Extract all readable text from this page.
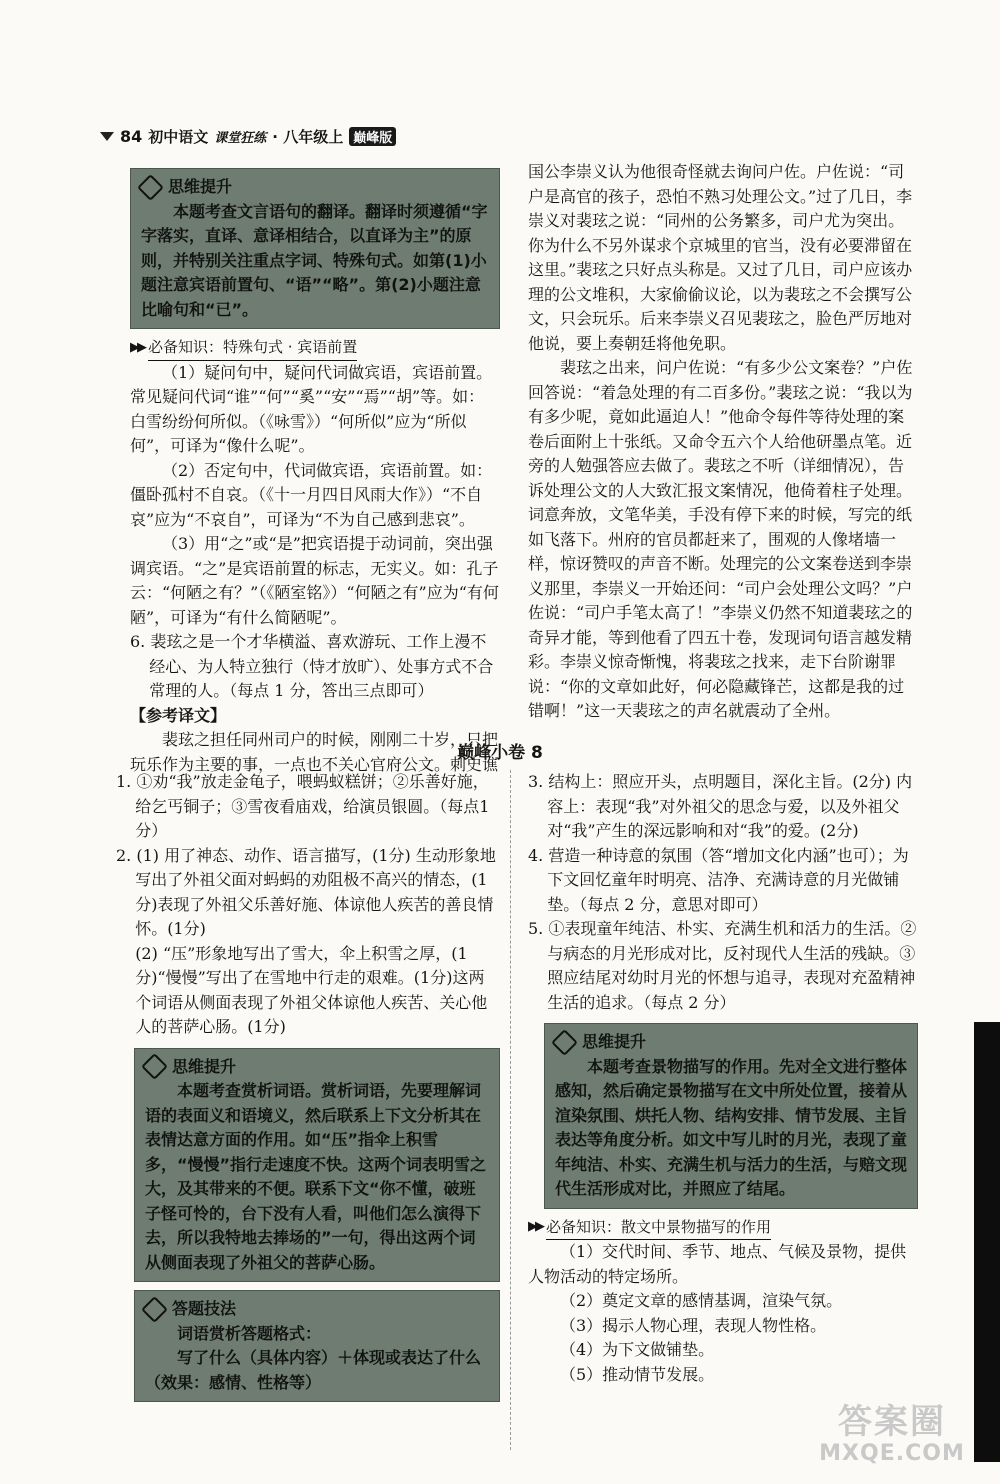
84 初中语文 课堂狂练 · 八年级上 巅峰版
思维提升

本题考查文言语句的翻译。翻译时须遵循“字字落实，直译、意译相结合，以直译为主”的原则，并特别关注重点字词、特殊句式。如第(1)小题注意宾语前置句、“语”“略”。第(2)小题注意比喻句和“已”。

▶▶ 必备知识：特殊句式 · 宾语前置

（1）疑问句中，疑问代词做宾语，宾语前置。常见疑问代词“谁”“何”“奚”“安”“焉”“胡”等。如：白雪纷纷何所似。（《咏雪》）“何所似”应为“所似何”，可译为“像什么呢”。

（2）否定句中，代词做宾语，宾语前置。如：僵卧孤村不自哀。（《十一月四日风雨大作》）“不自哀”应为“不哀自”，可译为“不为自己感到悲哀”。

（3）用“之”或“是”把宾语提于动词前，突出强调宾语。“之”是宾语前置的标志，无实义。如：孔子云：“何陋之有？”（《陋室铭》）“何陋之有”应为“有何陋”，可译为“有什么简陋呢”。

6. 裴玹之是一个才华横溢、喜欢游玩、工作上漫不经心、为人特立独行（恃才放旷）、处事方式不合常理的人。（每点 1 分，答出三点即可）

【参考译文】

裴玹之担任同州司户的时候，刚刚二十岁，只把玩乐作为主要的事，一点也不关心官府公文。刺史谯

国公李崇义认为他很奇怪就去询问户佐。户佐说：“司户是高官的孩子，恐怕不熟习处理公文。”过了几日，李崇义对裴玹之说：“同州的公务繁多，司户尤为突出。你为什么不另外谋求个京城里的官当，没有必要滞留在这里。”裴玹之只好点头称是。又过了几日，司户应该办理的公文堆积，大家偷偷议论，以为裴玹之不会撰写公文，只会玩乐。后来李崇义召见裴玹之，脸色严厉地对他说，要上奏朝廷将他免职。

裴玹之出来，问户佐说：“有多少公文案卷？”户佐回答说：“着急处理的有二百多份。”裴玹之说：“我以为有多少呢，竟如此逼迫人！”他命令每件等待处理的案卷后面附上十张纸。又命令五六个人给他研墨点笔。近旁的人勉强答应去做了。裴玹之不听（详细情况），告诉处理公文的人大致汇报文案情况，他倚着柱子处理。词意奔放，文笔华美，手没有停下来的时候，写完的纸如飞落下。州府的官员都赶来了，围观的人像堵墙一样，惊讶赞叹的声音不断。处理完的公文案卷送到李崇义那里，李崇义一开始还问：“司户会处理公文吗？”户佐说：“司户手笔太高了！”李崇义仍然不知道裴玹之的奇异才能，等到他看了四五十卷，发现词句语言越发精彩。李崇义惊奇惭愧，将裴玹之找来，走下台阶谢罪说：“你的文章如此好，何必隐藏锋芒，这都是我的过错啊！”这一天裴玹之的声名就震动了全州。

巅峰小卷 8

1. ①劝“我”放走金龟子，喂蚂蚁糕饼；②乐善好施，给乞丐铜子；③雪夜看庙戏，给演员银圆。（每点1分）

2. (1) 用了神态、动作、语言描写，(1分) 生动形象地写出了外祖父面对蚂蚂的劝阻极不高兴的情态，(1分)表现了外祖父乐善好施、体谅他人疾苦的善良情怀。(1分)

(2) “压”形象地写出了雪大，伞上积雪之厚，(1分)“慢慢”写出了在雪地中行走的艰难。(1分)这两个词语从侧面表现了外祖父体谅他人疾苦、关心他人的菩萨心肠。(1分)

思维提升

本题考查赏析词语。赏析词语，先要理解词语的表面义和语境义，然后联系上下文分析其在表情达意方面的作用。如“压”指伞上积雪多，“慢慢”指行走速度不快。这两个词表明雪之大，及其带来的不便。联系下文“你不懂，破班子怪可怜的，台下没有人看，叫他们怎么演得下去，所以我特地去捧场的”一句，得出这两个词从侧面表现了外祖父的菩萨心肠。

答题技法

词语赏析答题格式：

写了什么（具体内容）＋体现或表达了什么（效果：感情、性格等）

3. 结构上：照应开头，点明题目，深化主旨。(2分) 内容上：表现“我”对外祖父的思念与爱，以及外祖父对“我”产生的深远影响和对“我”的爱。(2分)

4. 营造一种诗意的氛围（答“增加文化内涵”也可）；为下文回忆童年时明亮、洁净、充满诗意的月光做铺垫。（每点 2 分，意思对即可）

5. ①表现童年纯洁、朴实、充满生机和活力的生活。②与病态的月光形成对比，反衬现代人生活的残缺。③照应结尾对幼时月光的怀想与追寻，表现对充盈精神生活的追求。（每点 2 分）

思维提升

本题考查景物描写的作用。先对全文进行整体感知，然后确定景物描写在文中所处位置，接着从渲染氛围、烘托人物、结构安排、情节发展、主旨表达等角度分析。如文中写儿时的月光，表现了童年纯洁、朴实、充满生机与活力的生活，与赔文现代生活形成对比，并照应了结尾。

▶▶ 必备知识：散文中景物描写的作用

（1）交代时间、季节、地点、气候及景物，提供人物活动的特定场所。

（2）奠定文章的感情基调，渲染气氛。

（3）揭示人物心理，表现人物性格。

（4）为下文做铺垫。

（5）推动情节发展。

答案圈
MXQE.COM
